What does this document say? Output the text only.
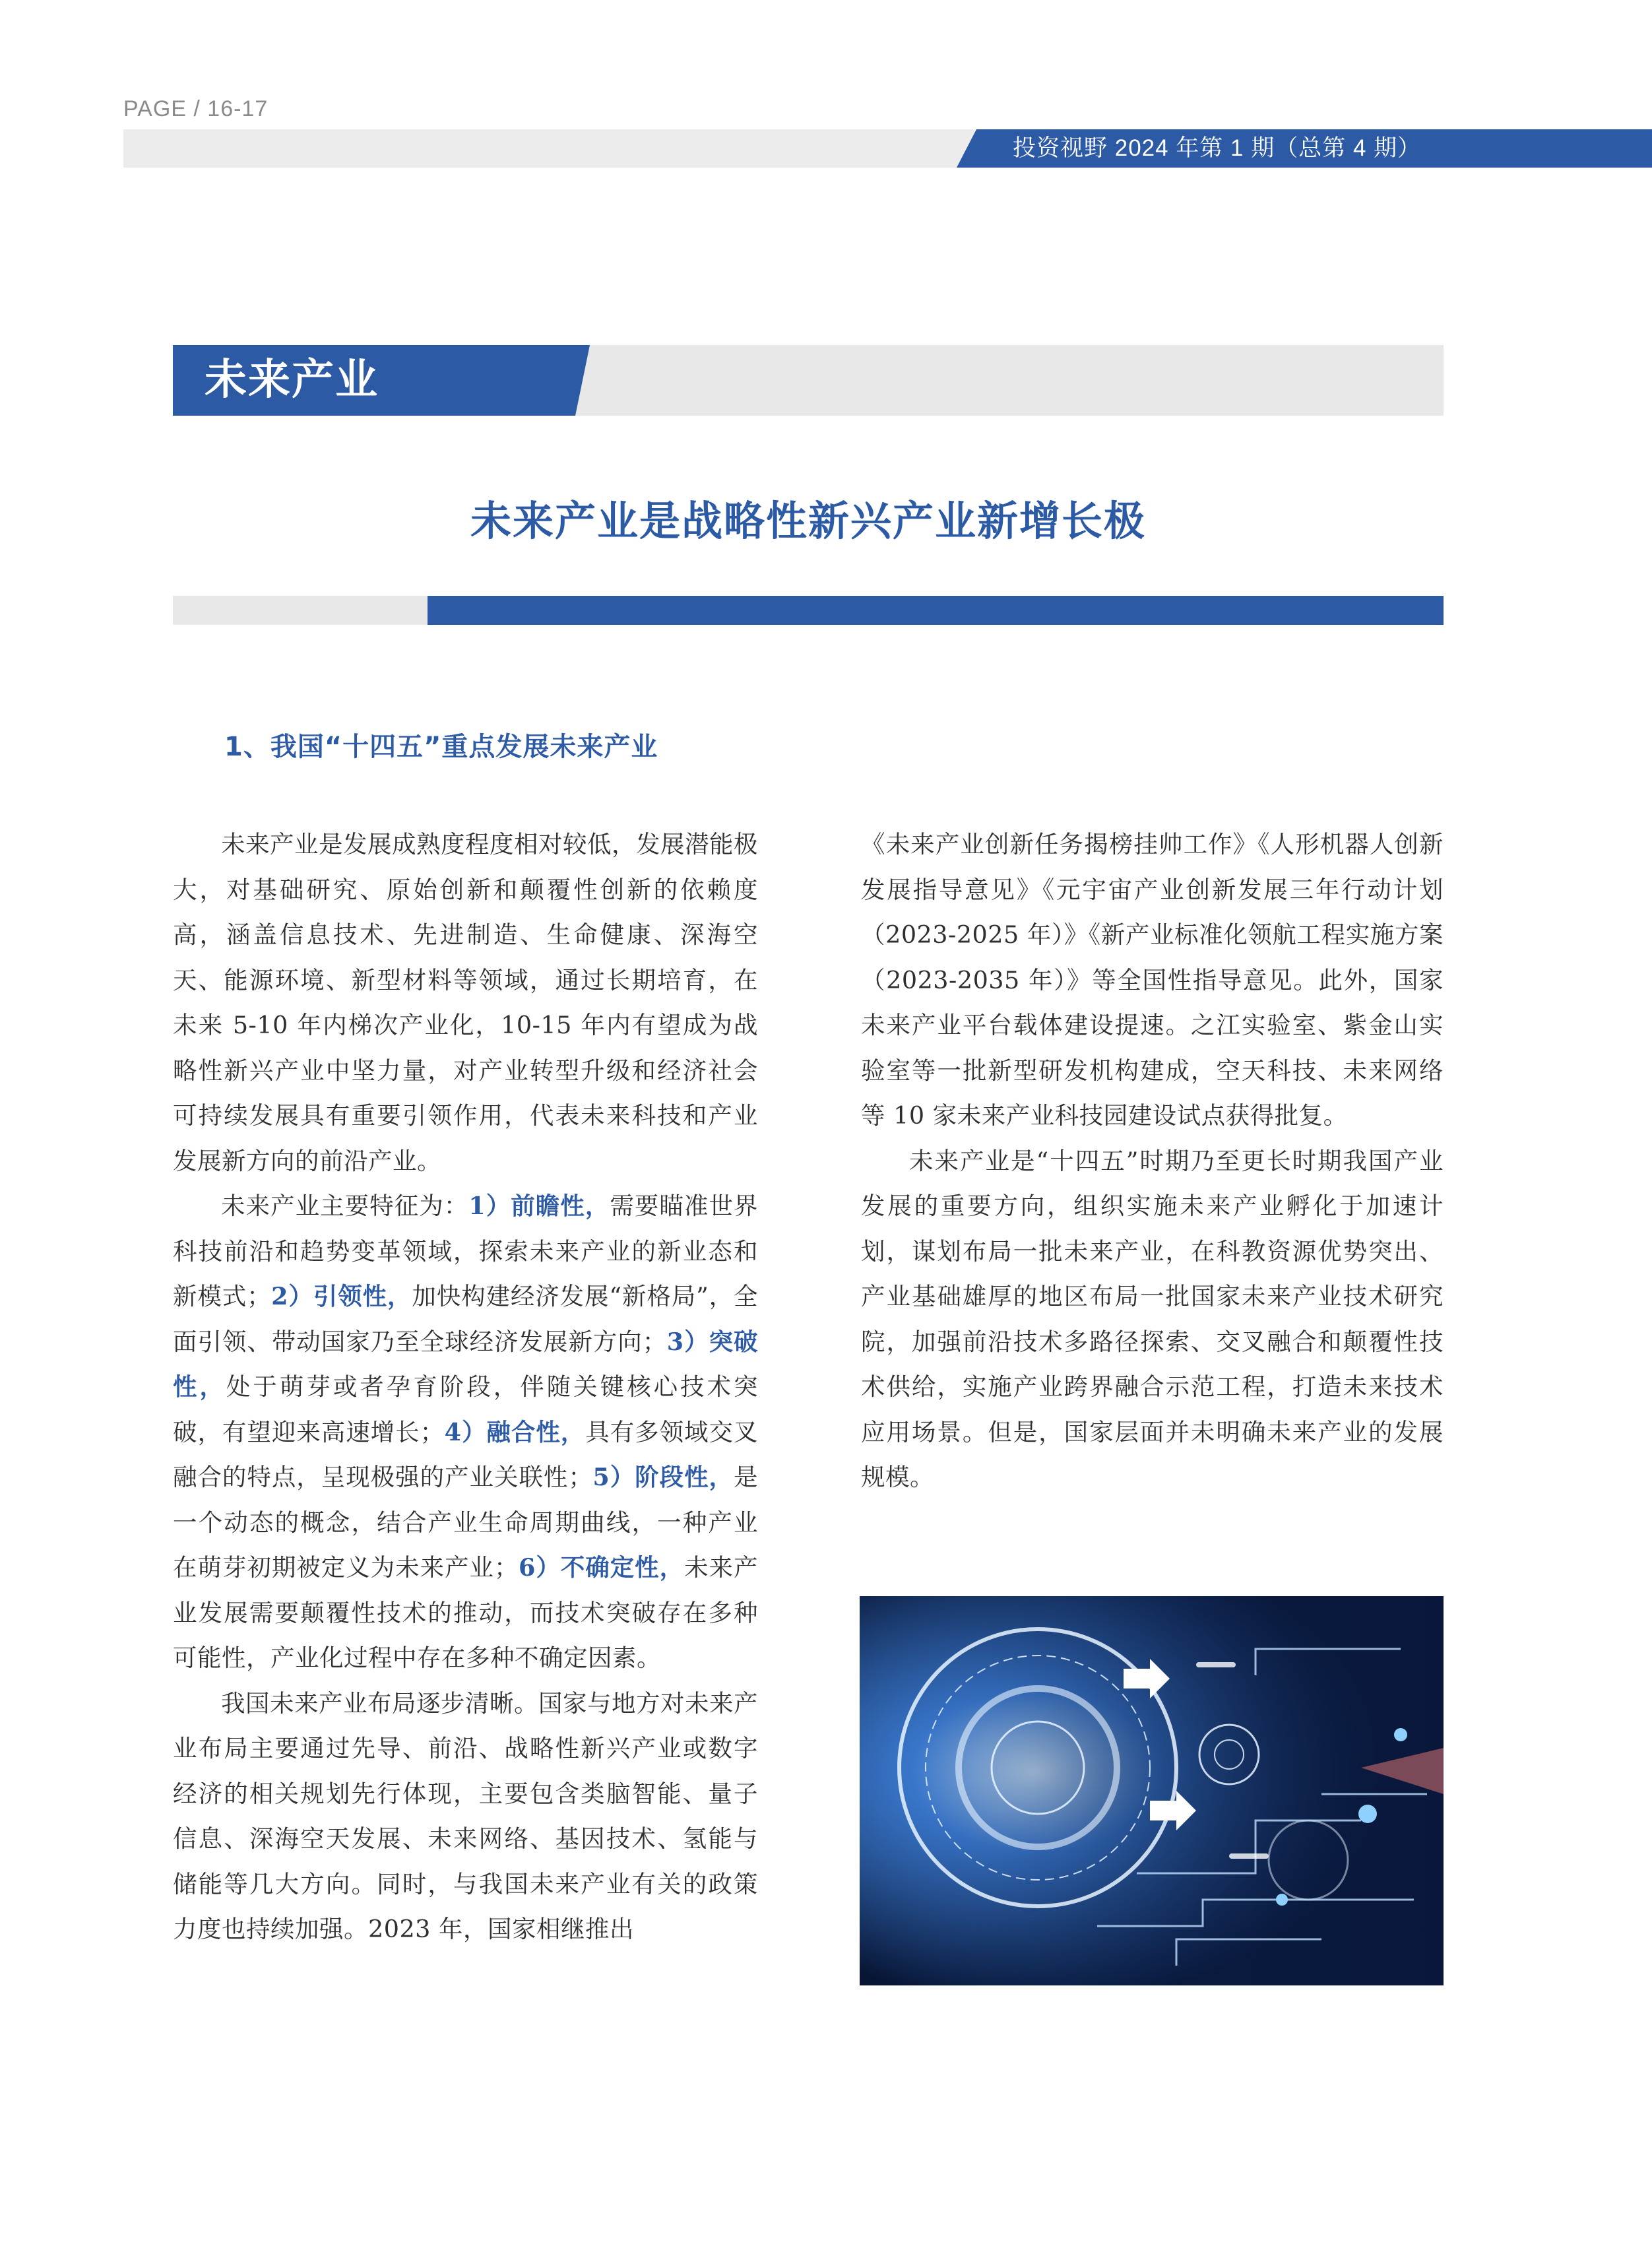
PAGE / 16-17
投资视野 2024 年第 1 期（总第 4 期）
未来产业
未来产业是战略性新兴产业新增长极
1、我国“十四五”重点发展未来产业

未来产业是发展成熟度程度相对较低，发展潜能极大，对基础研究、原始创新和颠覆性创新的依赖度高，涵盖信息技术、先进制造、生命健康、深海空天、能源环境、新型材料等领域，通过长期培育，在未来 5-10 年内梯次产业化，10-15 年内有望成为战略性新兴产业中坚力量，对产业转型升级和经济社会可持续发展具有重要引领作用，代表未来科技和产业发展新方向的前沿产业。

未来产业主要特征为：1）前瞻性，需要瞄准世界科技前沿和趋势变革领域，探索未来产业的新业态和新模式；2）引领性，加快构建经济发展“新格局”，全面引领、带动国家乃至全球经济发展新方向；3）突破性，处于萌芽或者孕育阶段，伴随关键核心技术突破，有望迎来高速增长；4）融合性，具有多领域交叉融合的特点，呈现极强的产业关联性；5）阶段性，是一个动态的概念，结合产业生命周期曲线，一种产业在萌芽初期被定义为未来产业；6）不确定性，未来产业发展需要颠覆性技术的推动，而技术突破存在多种可能性，产业化过程中存在多种不确定因素。

我国未来产业布局逐步清晰。国家与地方对未来产业布局主要通过先导、前沿、战略性新兴产业或数字经济的相关规划先行体现，主要包含类脑智能、量子信息、深海空天发展、未来网络、基因技术、氢能与储能等几大方向。同时，与我国未来产业有关的政策力度也持续加强。2023 年，国家相继推出

《未来产业创新任务揭榜挂帅工作》《人形机器人创新发展指导意见》《元宇宙产业创新发展三年行动计划（2023-2025 年）》《新产业标准化领航工程实施方案（2023-2035 年）》等全国性指导意见。此外，国家未来产业平台载体建设提速。之江实验室、紫金山实验室等一批新型研发机构建成，空天科技、未来网络等 10 家未来产业科技园建设试点获得批复。

未来产业是“十四五”时期乃至更长时期我国产业发展的重要方向，组织实施未来产业孵化于加速计划，谋划布局一批未来产业，在科教资源优势突出、产业基础雄厚的地区布局一批国家未来产业技术研究院，加强前沿技术多路径探索、交叉融合和颠覆性技术供给，实施产业跨界融合示范工程，打造未来技术应用场景。但是，国家层面并未明确未来产业的发展规模。
